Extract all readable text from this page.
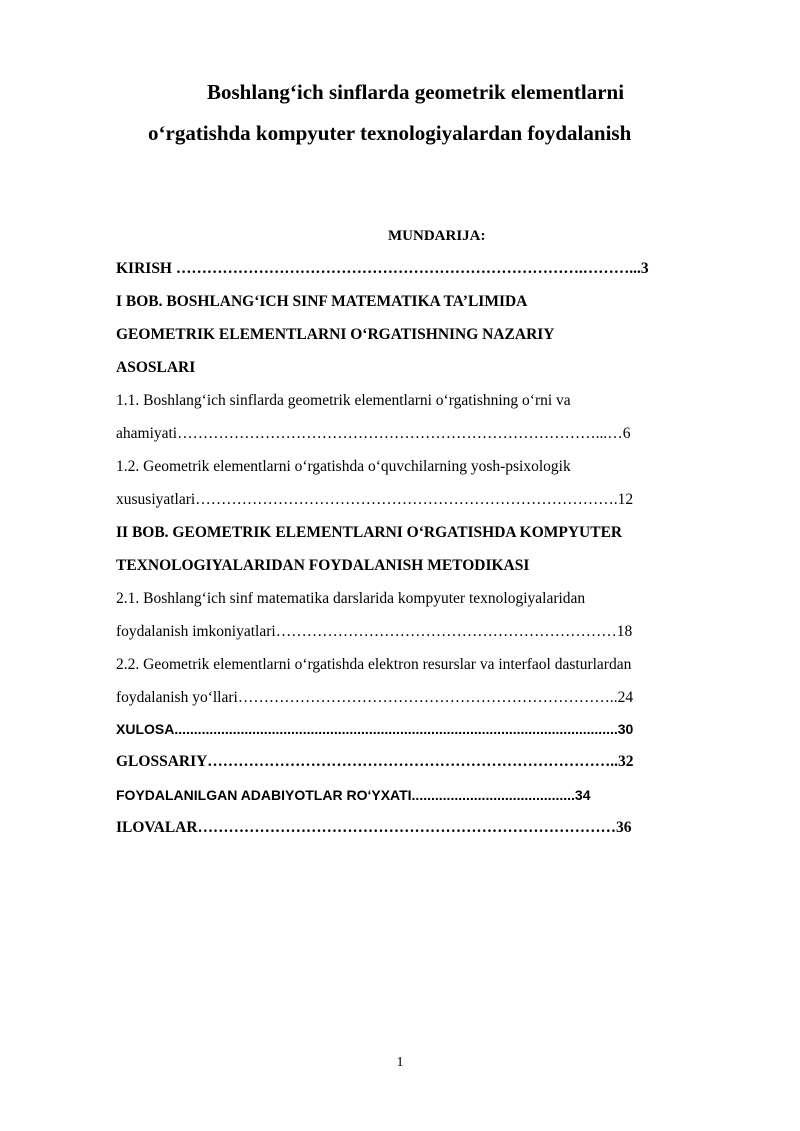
Boshlang‘ich sinflarda geometrik elementlarni
o‘rgatishda kompyuter texnologiyalardan foydalanish
MUNDARIJA:
KIRISH …………………………………………………………………….………...3
I BOB. BOSHLANG‘ICH SINF MATEMATIKA TA’LIMIDA
GEOMETRIK ELEMENTLARNI O‘RGATISHNING NAZARIY
ASOSLARI
1.1. Boshlang‘ich sinflarda geometrik elementlarni o‘rgatishning o‘rni va
ahamiyati………………………………………………………………………...…6
1.2. Geometrik elementlarni o‘rgatishda o‘quvchilarning yosh-psixologik
xususiyatlari……………………………………………………………………….12
II BOB. GEOMETRIK ELEMENTLARNI O‘RGATISHDA KOMPYUTER
TEXNOLOGIYALARIDAN FOYDALANISH METODIKASI
2.1. Boshlang‘ich sinf matematika darslarida kompyuter texnologiyalaridan
foydalanish imkoniyatlari…………………………………………………………18
2.2. Geometrik elementlarni o‘rgatishda elektron resurslar va interfaol dasturlardan
foydalanish yo‘llari………………………………………………………………..24
XULOSA..................................................................................................................30
GLOSSARIY……………………………………………………………………..32
FOYDALANILGAN ADABIYOTLAR RO‘YXATI..........................................34
ILOVALAR………………………………………………………………………36
1
